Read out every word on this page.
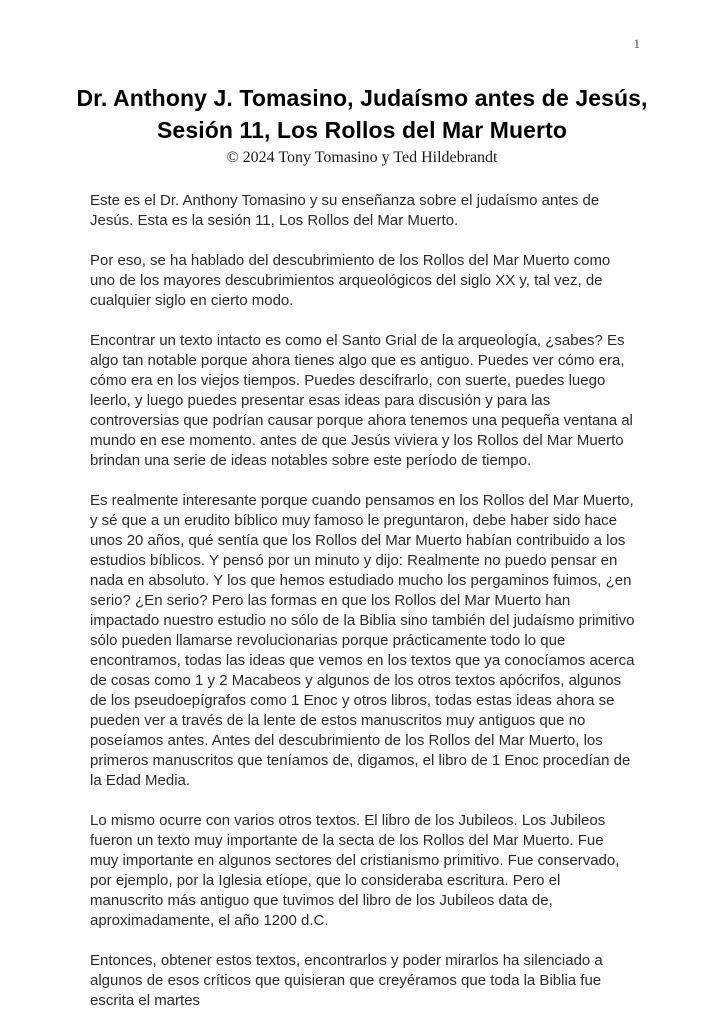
1
Dr. Anthony J. Tomasino, Judaísmo antes de Jesús,
Sesión 11, Los Rollos del Mar Muerto
© 2024 Tony Tomasino y Ted Hildebrandt

Este es el Dr. Anthony Tomasino y su enseñanza sobre el judaísmo antes de Jesús. Esta es la sesión 11, Los Rollos del Mar Muerto.

Por eso, se ha hablado del descubrimiento de los Rollos del Mar Muerto como uno de los mayores descubrimientos arqueológicos del siglo XX y, tal vez, de cualquier siglo en cierto modo.

Encontrar un texto intacto es como el Santo Grial de la arqueología, ¿sabes? Es algo tan notable porque ahora tienes algo que es antiguo. Puedes ver cómo era, cómo era en los viejos tiempos. Puedes descifrarlo, con suerte, puedes luego leerlo, y luego puedes presentar esas ideas para discusión y para las controversias que podrían causar porque ahora tenemos una pequeña ventana al mundo en ese momento. antes de que Jesús viviera y los Rollos del Mar Muerto brindan una serie de ideas notables sobre este período de tiempo.

Es realmente interesante porque cuando pensamos en los Rollos del Mar Muerto, y sé que a un erudito bíblico muy famoso le preguntaron, debe haber sido hace unos 20 años, qué sentía que los Rollos del Mar Muerto habían contribuido a los estudios bíblicos. Y pensó por un minuto y dijo: Realmente no puedo pensar en nada en absoluto. Y los que hemos estudiado mucho los pergaminos fuimos, ¿en serio? ¿En serio? Pero las formas en que los Rollos del Mar Muerto han impactado nuestro estudio no sólo de la Biblia sino también del judaísmo primitivo sólo pueden llamarse revolucionarias porque prácticamente todo lo que encontramos, todas las ideas que vemos en los textos que ya conocíamos acerca de cosas como 1 y 2 Macabeos y algunos de los otros textos apócrifos, algunos de los pseudoepígrafos como 1 Enoc y otros libros, todas estas ideas ahora se pueden ver a través de la lente de estos manuscritos muy antiguos que no poseíamos antes. Antes del descubrimiento de los Rollos del Mar Muerto, los primeros manuscritos que teníamos de, digamos, el libro de 1 Enoc procedían de la Edad Media.

Lo mismo ocurre con varios otros textos. El libro de los Jubileos. Los Jubileos fueron un texto muy importante de la secta de los Rollos del Mar Muerto. Fue muy importante en algunos sectores del cristianismo primitivo. Fue conservado, por ejemplo, por la Iglesia etíope, que lo consideraba escritura. Pero el manuscrito más antiguo que tuvimos del libro de los Jubileos data de, aproximadamente, el año 1200 d.C.

Entonces, obtener estos textos, encontrarlos y poder mirarlos ha silenciado a algunos de esos críticos que quisieran que creyéramos que toda la Biblia fue escrita el martes
